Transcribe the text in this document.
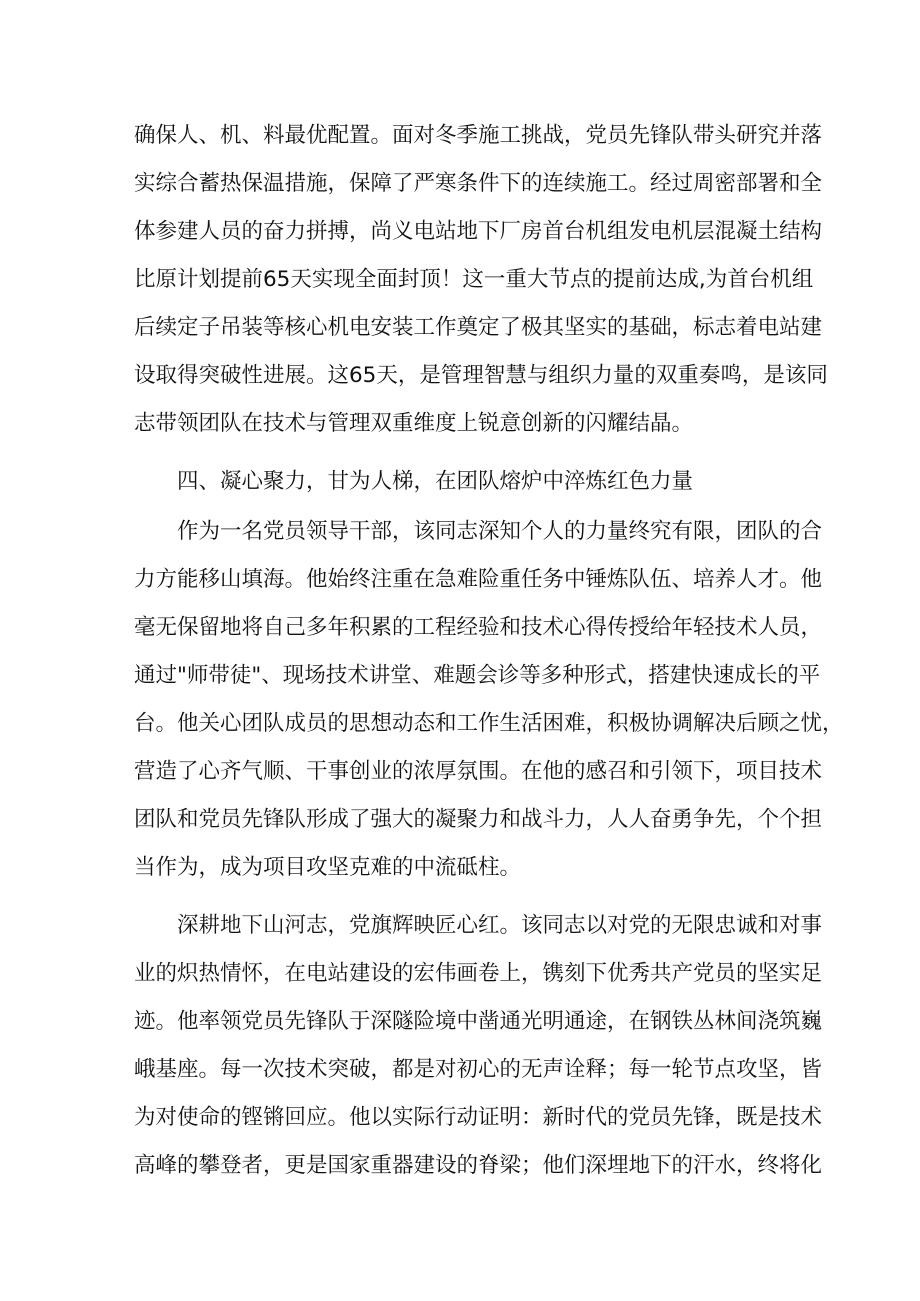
确保人、机、料最优配置。面对冬季施工挑战，党员先锋队带头研究并落
实综合蓄热保温措施，保障了严寒条件下的连续施工。经过周密部署和全
体参建人员的奋力拼搏，尚义电站地下厂房首台机组发电机层混凝土结构
比原计划提前65天实现全面封顶！这一重大节点的提前达成,为首台机组
后续定子吊装等核心机电安装工作奠定了极其坚实的基础，标志着电站建
设取得突破性进展。这65天，是管理智慧与组织力量的双重奏鸣，是该同
志带领团队在技术与管理双重维度上锐意创新的闪耀结晶。
四、凝心聚力，甘为人梯，在团队熔炉中淬炼红色力量
作为一名党员领导干部，该同志深知个人的力量终究有限，团队的合
力方能移山填海。他始终注重在急难险重任务中锤炼队伍、培养人才。他
毫无保留地将自己多年积累的工程经验和技术心得传授给年轻技术人员，
通过"师带徒"、现场技术讲堂、难题会诊等多种形式，搭建快速成长的平
台。他关心团队成员的思想动态和工作生活困难，积极协调解决后顾之忧，
营造了心齐气顺、干事创业的浓厚氛围。在他的感召和引领下，项目技术
团队和党员先锋队形成了强大的凝聚力和战斗力，人人奋勇争先，个个担
当作为，成为项目攻坚克难的中流砥柱。
深耕地下山河志，党旗辉映匠心红。该同志以对党的无限忠诚和对事
业的炽热情怀，在电站建设的宏伟画卷上，镌刻下优秀共产党员的坚实足
迹。他率领党员先锋队于深隧险境中凿通光明通途，在钢铁丛林间浇筑巍
峨基座。每一次技术突破，都是对初心的无声诠释；每一轮节点攻坚，皆
为对使命的铿锵回应。他以实际行动证明：新时代的党员先锋，既是技术
高峰的攀登者，更是国家重器建设的脊梁；他们深埋地下的汗水，终将化
